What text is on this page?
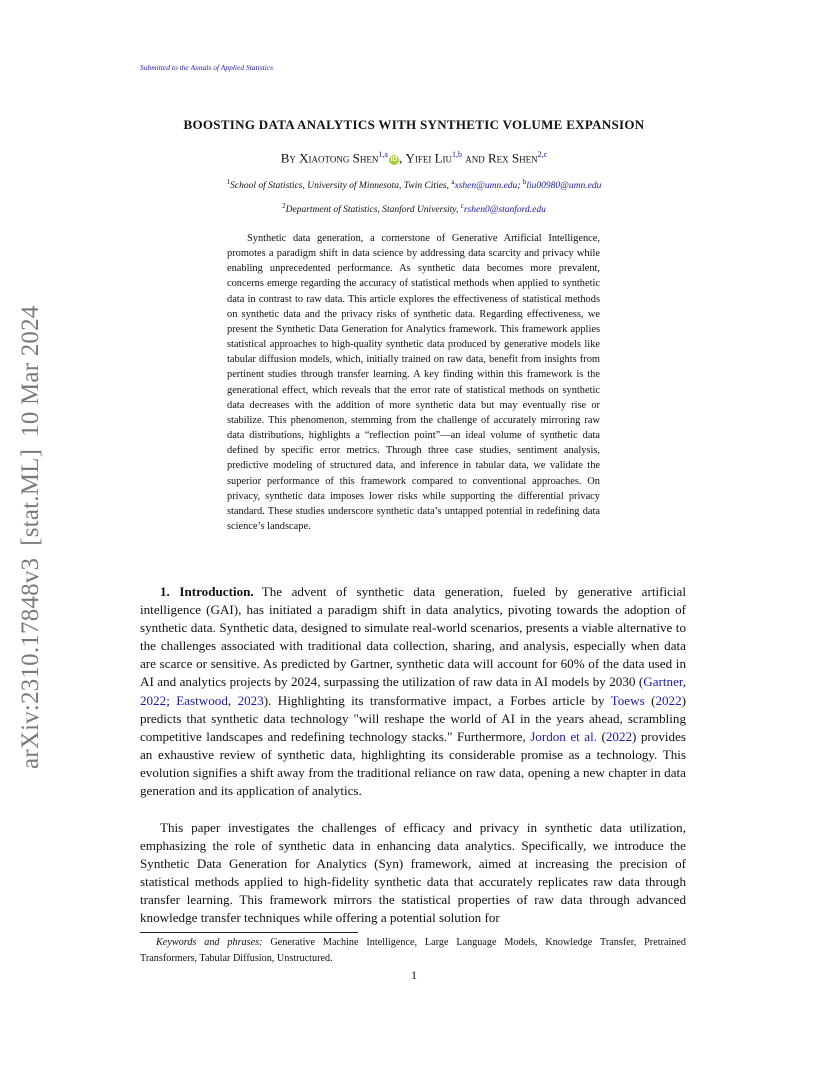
Submitted to the Annals of Applied Statistics
arXiv:2310.17848v3[stat.ML]10 Mar 2024
BOOSTING DATA ANALYTICS WITH SYNTHETIC VOLUME EXPANSION
By Xiaotong Shen$^{1,a}$iD , Yifei Liu$^{1,b}$ and Rex Shen$^{2,c}$
$^1$School of Statistics, University of Minnesota, Twin Cities, $^a$xshen@umn.edu; $^b$liu00980@umn.edu
$^2$Department of Statistics, Stanford University, $^c$rshen0@stanford.edu

Synthetic data generation, a cornerstone of Generative Artificial Intelligence, promotes a paradigm shift in data science by addressing data scarcity and privacy while enabling unprecedented performance. As synthetic data becomes more prevalent, concerns emerge regarding the accuracy of statistical methods when applied to synthetic data in contrast to raw data. This article explores the effectiveness of statistical methods on synthetic data and the privacy risks of synthetic data. Regarding effectiveness, we present the Synthetic Data Generation for Analytics framework. This framework applies statistical approaches to high-quality synthetic data produced by generative models like tabular diffusion models, which, initially trained on raw data, benefit from insights from pertinent studies through transfer learning. A key finding within this framework is the generational effect, which reveals that the error rate of statistical methods on synthetic data decreases with the addition of more synthetic data but may eventually rise or stabilize. This phenomenon, stemming from the challenge of accurately mirroring raw data distributions, highlights a “reflection point”—an ideal volume of synthetic data defined by specific error metrics. Through three case studies, sentiment analysis, predictive modeling of structured data, and inference in tabular data, we validate the superior performance of this framework compared to conventional approaches. On privacy, synthetic data imposes lower risks while supporting the differential privacy standard. These studies underscore synthetic data’s untapped potential in redefining data science’s landscape.

1. Introduction. The advent of synthetic data generation, fueled by generative artificial intelligence (GAI), has initiated a paradigm shift in data analytics, pivoting towards the adoption of synthetic data. Synthetic data, designed to simulate real-world scenarios, presents a viable alternative to the challenges associated with traditional data collection, sharing, and analysis, especially when data are scarce or sensitive. As predicted by Gartner, synthetic data will account for 60% of the data used in AI and analytics projects by 2024, surpassing the utilization of raw data in AI models by 2030 (Gartner, 2022; Eastwood, 2023). Highlighting its transformative impact, a Forbes article by Toews (2022) predicts that synthetic data technology "will reshape the world of AI in the years ahead, scrambling competitive landscapes and redefining technology stacks." Furthermore, Jordon et al. (2022) provides an exhaustive review of synthetic data, highlighting its considerable promise as a technology. This evolution signifies a shift away from the traditional reliance on raw data, opening a new chapter in data generation and its application of analytics.

This paper investigates the challenges of efficacy and privacy in synthetic data utilization, emphasizing the role of synthetic data in enhancing data analytics. Specifically, we introduce the Synthetic Data Generation for Analytics (Syn) framework, aimed at increasing the precision of statistical methods applied to high-fidelity synthetic data that accurately replicates raw data through transfer learning. This framework mirrors the statistical properties of raw data through advanced knowledge transfer techniques while offering a potential solution for

Keywords and phrases: Generative Machine Intelligence, Large Language Models, Knowledge Transfer, Pretrained Transformers, Tabular Diffusion, Unstructured.

1
